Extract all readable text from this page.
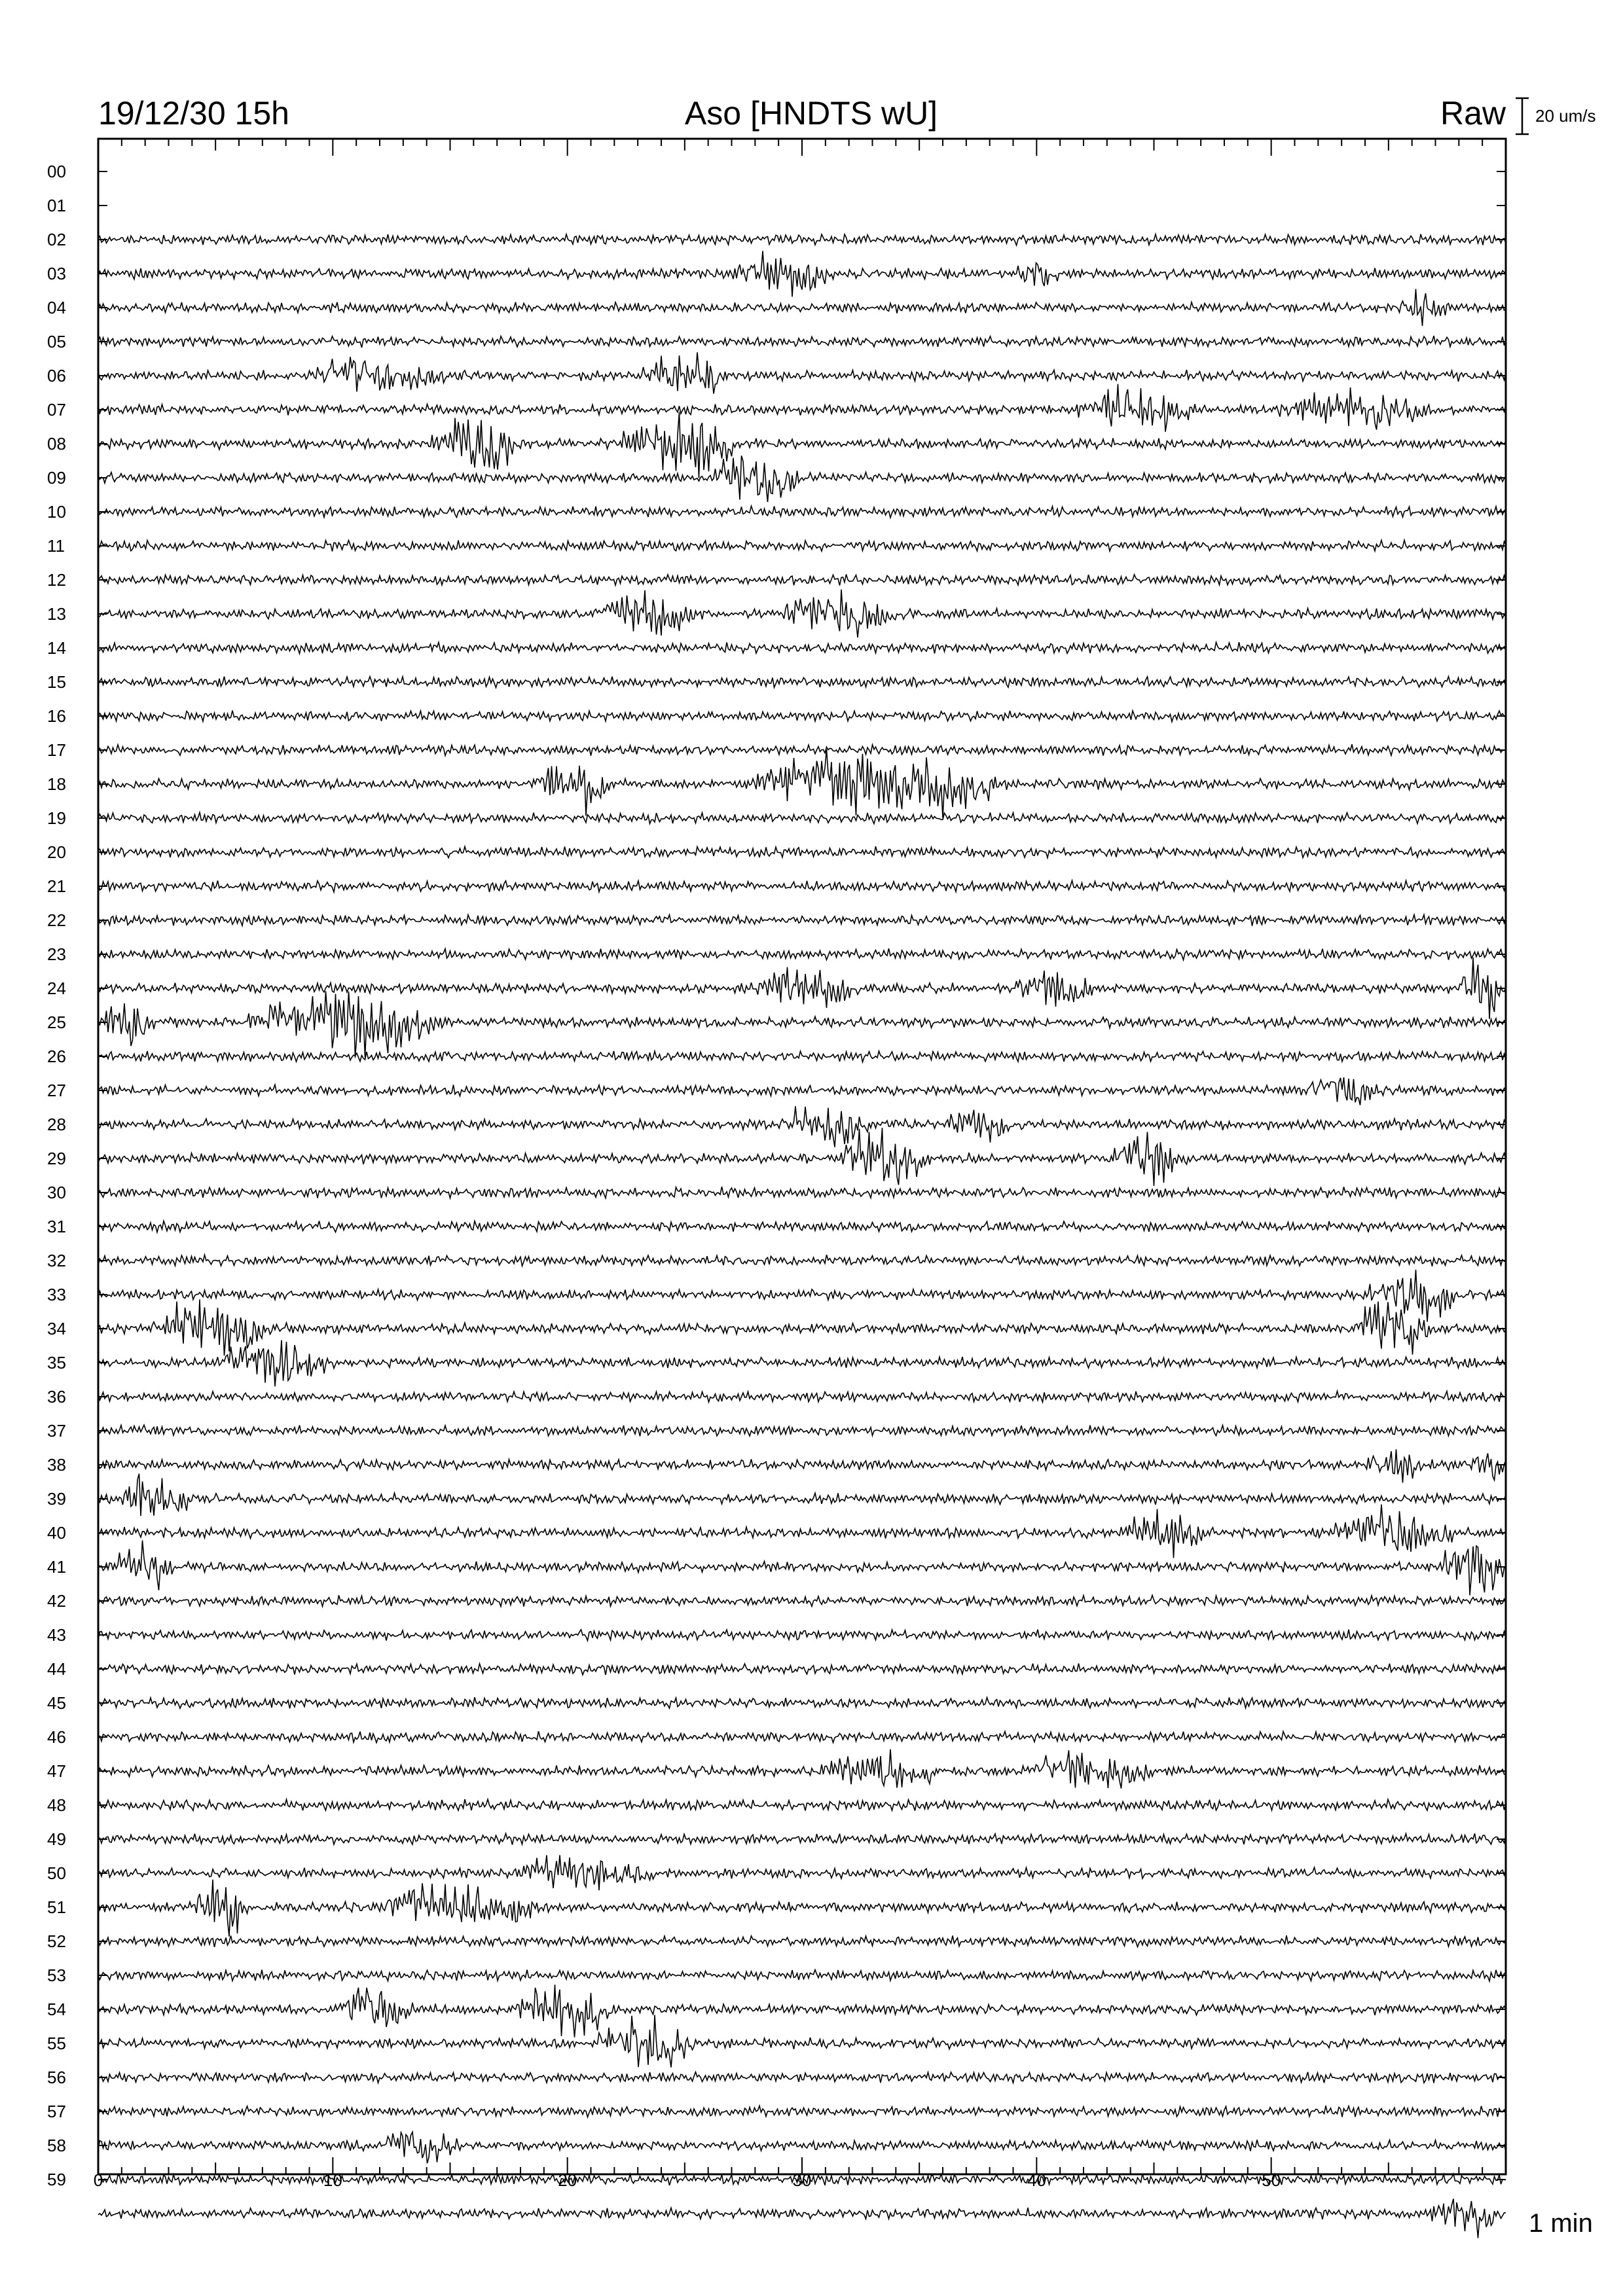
19/12/30 15h	Aso [HNDTS wU]	Raw 20 um/s
00
01
02
03
04
05
06
07
08
09
10
11
12
13
14
15
16
17
18
19
20
21
22
23
24
25
26
27
28
29
30
31
32
33
34
35
36
37
38
39
40
41
42
43
44
45
46
47
48
49
50
51
52
53
54
55
56
57
58
59 0	10	20	30	40	50
1 min
